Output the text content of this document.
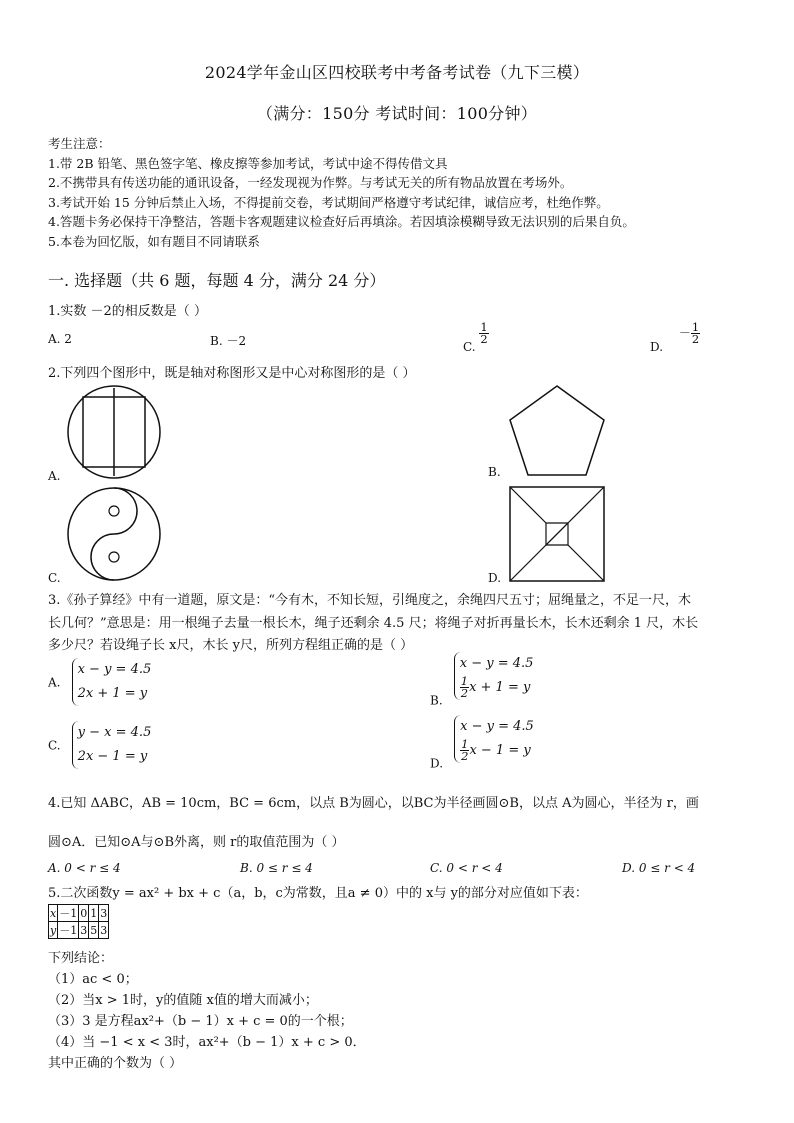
2024学年金山区四校联考中考备考试卷（九下三模）
（满分：150分 考试时间：100分钟）
考生注意：
1.带 2B 铅笔、黑色签字笔、橡皮擦等参加考试，考试中途不得传借文具
2.不携带具有传送功能的通讯设备，一经发现视为作弊。与考试无关的所有物品放置在考场外。
3.考试开始 15 分钟后禁止入场，不得提前交卷，考试期间严格遵守考试纪律，诚信应考，杜绝作弊。
4.答题卡务必保持干净整洁，答题卡客观题建议检查好后再填涂。若因填涂模糊导致无法识别的后果自负。
5.本卷为回忆版，如有题目不同请联系
一. 选择题（共 6 题，每题 4 分，满分 24 分）
1.实数 －2的相反数是（ ）
A. 2	B. －2	C.
$\frac{1}{2}$
D. － $\frac{1}{2}$
2.下列四个图形中，既是轴对称图形又是中心对称图形的是（ ）
A.	B.
C.	D.
3.《孙子算经》中有一道题，原文是：“今有木，不知长短，引绳度之，余绳四尺五寸；屈绳量之，不足一尺，木
长几何？”意思是：用一根绳子去量一根长木，绳子还剩余 4.5 尺；将绳子对折再量长木，长木还剩余 1 尺，木长
多少尺？若设绳子长 x尺，木长 y尺，所列方程组正确的是（ ）
A.
x − y = 4.5
2x + 1 = y	$_{B.}$
x − y = 4.5
$\frac{1}{2}$ x + 1 = y
C.
y − x = 4.5
2x − 1 = y	$_{D.}$
x − y = 4.5
$\frac{1}{2}$ x − 1 = y
4.已知 ΔABC，AB = 10cm，BC = 6cm，以点 B为圆心，以BC为半径画圆⊙B，以点 A为圆心，半径为 r，画
圆⊙A．已知⊙A与⊙B外离，则 r的取值范围为（ ）
A. 0 < r ≤ 4	B. 0 ≤ r ≤ 4	C. 0 < r < 4	D. 0 ≤ r < 4
5.二次函数y = ax² + bx + c（a，b，c为常数，且a ≠ 0）中的 x与 y的部分对应值如下表：
x	－1	0	1	3
y	－1	3	5	3
下列结论：
（1）ac < 0；
（2）当x > 1时，y的值随 x值的增大而减小；
（3）3 是方程ax²+（b − 1）x + c = 0的一个根；
（4）当 −1 < x < 3时，ax²+（b − 1）x + c > 0．
其中正确的个数为（ ）
